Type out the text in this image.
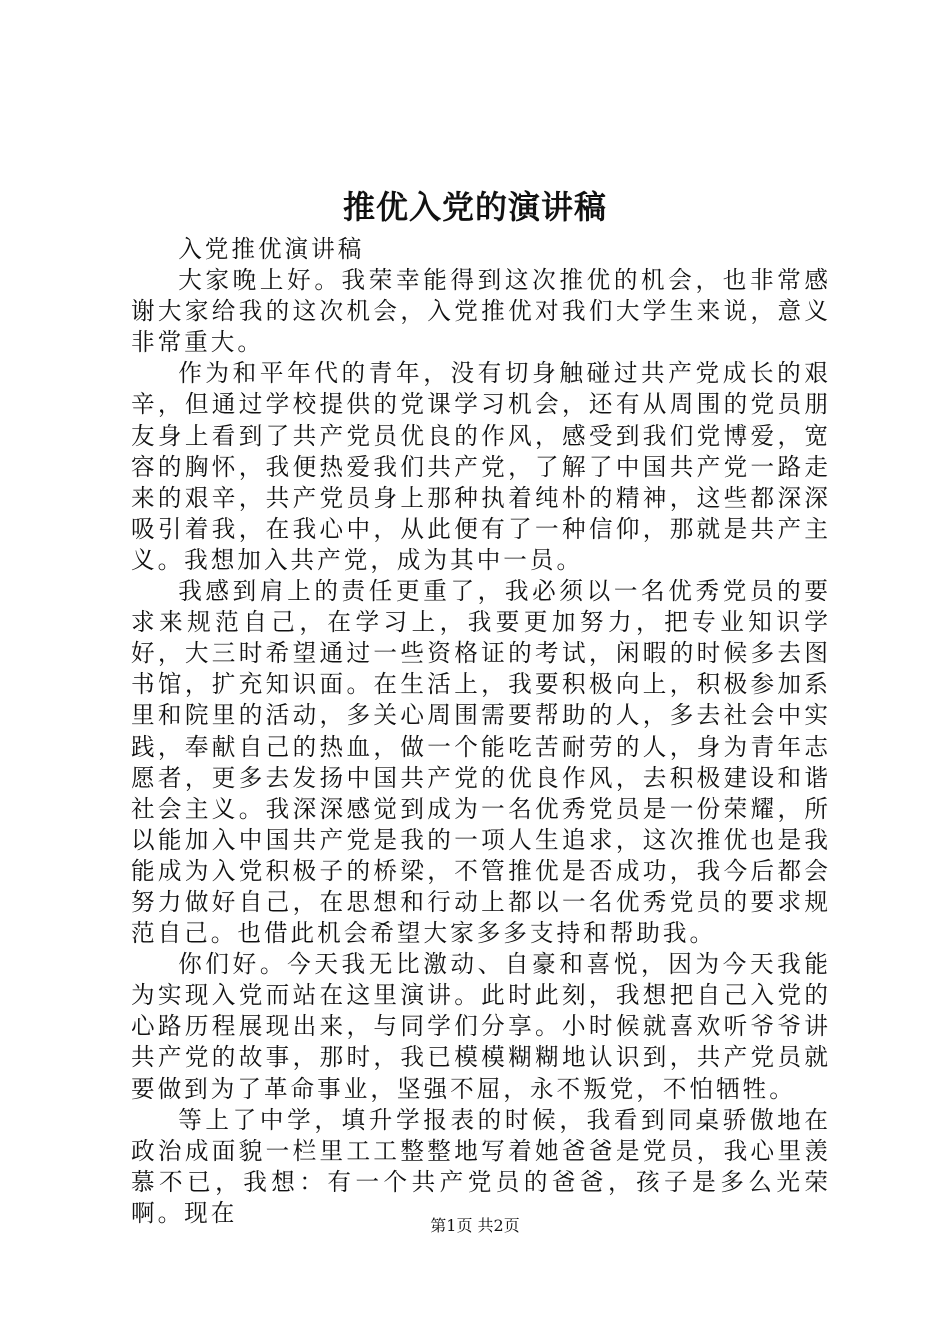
推优入党的演讲稿

入党推优演讲稿

大家晚上好。我荣幸能得到这次推优的机会，也非常感谢大家给我的这次机会，入党推优对我们大学生来说，意义非常重大。

作为和平年代的青年，没有切身触碰过共产党成长的艰辛，但通过学校提供的党课学习机会，还有从周围的党员朋友身上看到了共产党员优良的作风，感受到我们党博爱，宽容的胸怀，我便热爱我们共产党，了解了中国共产党一路走来的艰辛，共产党员身上那种执着纯朴的精神，这些都深深吸引着我，在我心中，从此便有了一种信仰，那就是共产主义。我想加入共产党，成为其中一员。

我感到肩上的责任更重了，我必须以一名优秀党员的要求来规范自己，在学习上，我要更加努力，把专业知识学好，大三时希望通过一些资格证的考试，闲暇的时候多去图书馆，扩充知识面。在生活上，我要积极向上，积极参加系里和院里的活动，多关心周围需要帮助的人，多去社会中实践，奉献自己的热血，做一个能吃苦耐劳的人，身为青年志愿者，更多去发扬中国共产党的优良作风，去积极建设和谐社会主义。我深深感觉到成为一名优秀党员是一份荣耀，所以能加入中国共产党是我的一项人生追求，这次推优也是我能成为入党积极子的桥梁，不管推优是否成功，我今后都会努力做好自己，在思想和行动上都以一名优秀党员的要求规范自己。也借此机会希望大家多多支持和帮助我。

你们好。今天我无比激动、自豪和喜悦，因为今天我能为实现入党而站在这里演讲。此时此刻，我想把自己入党的心路历程展现出来，与同学们分享。小时候就喜欢听爷爷讲共产党的故事，那时，我已模模糊糊地认识到，共产党员就要做到为了革命事业，坚强不屈，永不叛党，不怕牺牲。

等上了中学，填升学报表的时候，我看到同桌骄傲地在政治成面貌一栏里工工整整地写着她爸爸是党员，我心里羡慕不已，我想：有一个共产党员的爸爸，孩子是多么光荣啊。现在	第1页 共2页
